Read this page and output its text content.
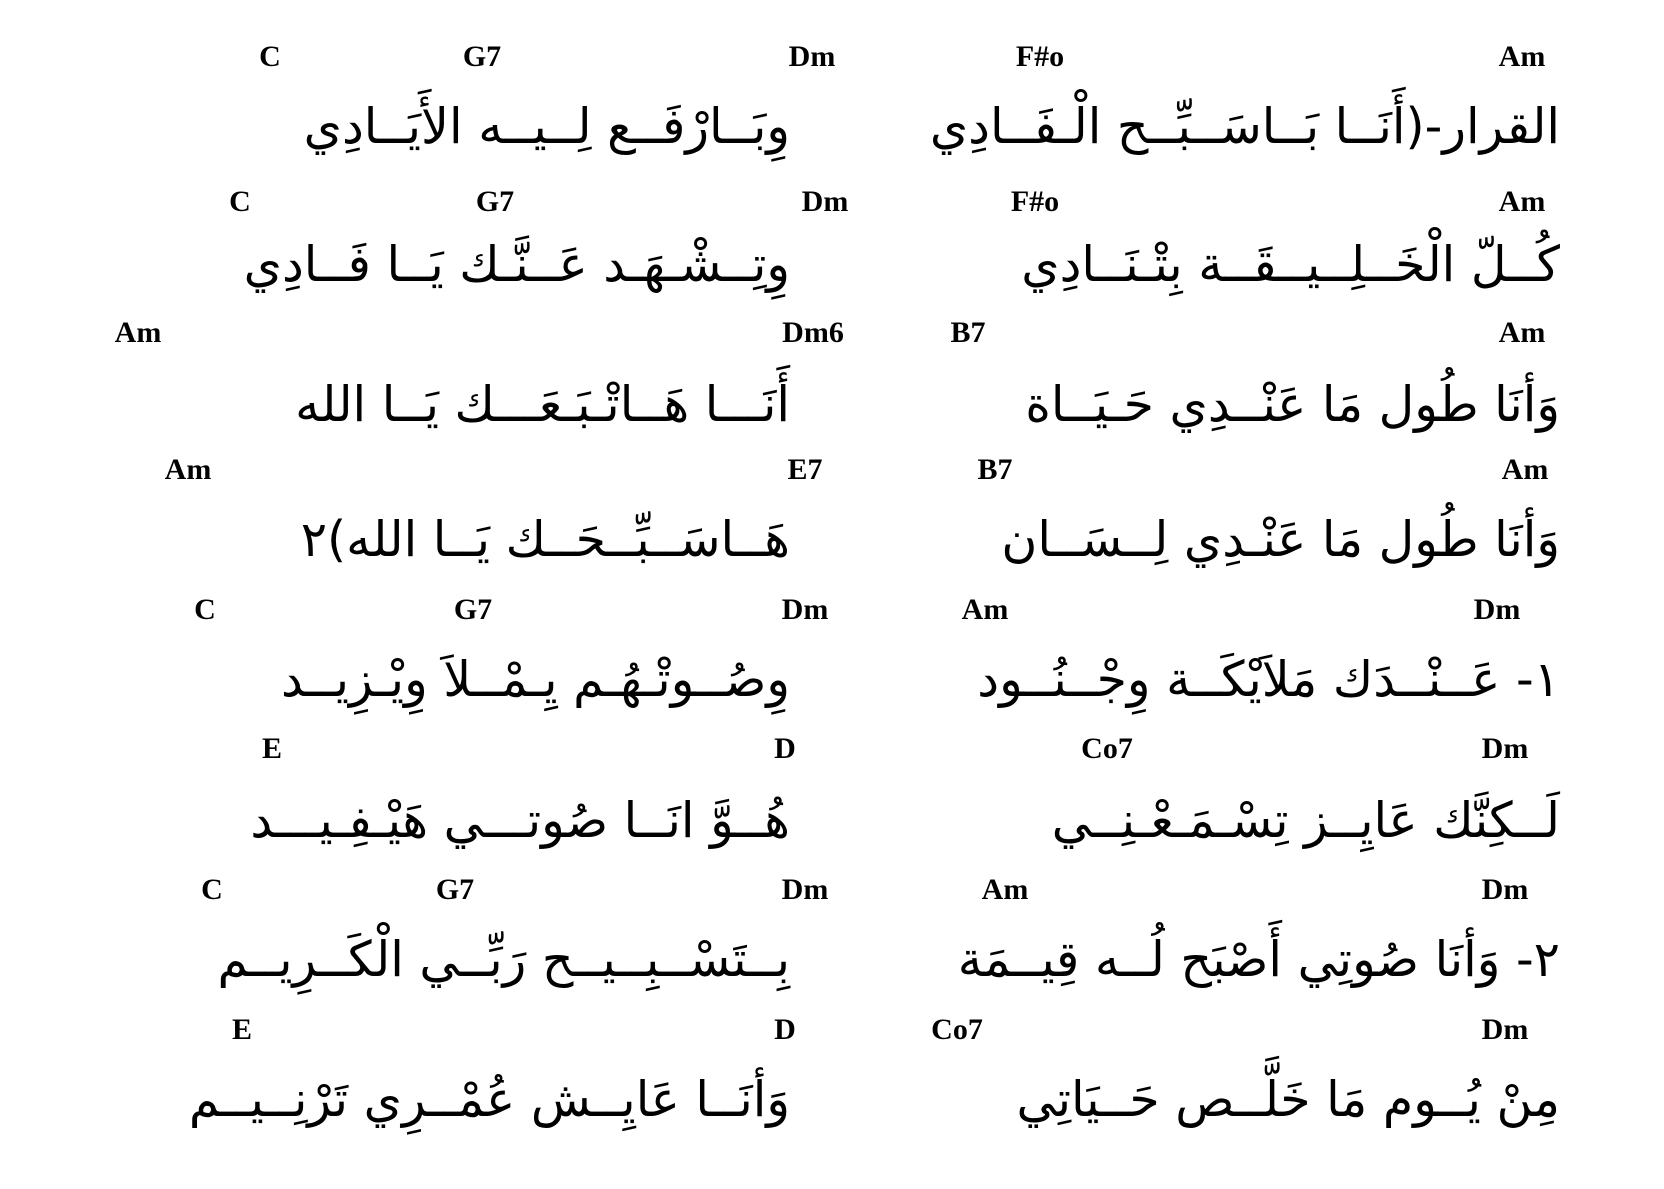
C	G7	Dm	F#o	Am
وِبَــارْفَــع لِــيــه الأَيَــادِي	القرار-(أَنَــا بَــاسَــبِّــح الْـفَــادِي
C	G7	Dm	F#o	Am
وِتِــشْـهَـد عَــنَّـك يَــا فَــادِي	كُــلّ الْخَــلِــيــقَــة بِتْـنَــادِي
Am	Dm6	B7	Am
أَنَـــا هَــاتْـبَـعَـــك يَــا الله	وَأنَا طُول مَا عَنْــدِي حَـيَــاة
Am	E7	B7	Am
هَــاسَــبِّــحَــك يَــا الله)٢	وَأنَا طُول مَا عَنْـدِي لِــسَــان
C	G7	Dm	Am	Dm
وِصُــوتْـهُـم يِـمْــلاَ وِيْـزِيــد	١- عَــنْــدَك مَلاَيْكَــة وِجْــنُــود
E	D	Co7	Dm
هُــوَّ انَــا صُوتـــي هَيْـفِـيـــد	لَــكِنَّك عَايِــز تِسْـمَـعْـنِــي
C	G7	Dm	Am	Dm
بِــتَسْــبِــيــح رَبِّــي الْكَــرِيــم	٢- وَأنَا صُوتِي أَصْبَح لُــه قِيــمَة
E	D	Co7	Dm
وَأنَــا عَايِــش عُمْــرِي تَرْنِــيــم	مِنْ يُــوم مَا خَلَّــص حَــيَاتِي
